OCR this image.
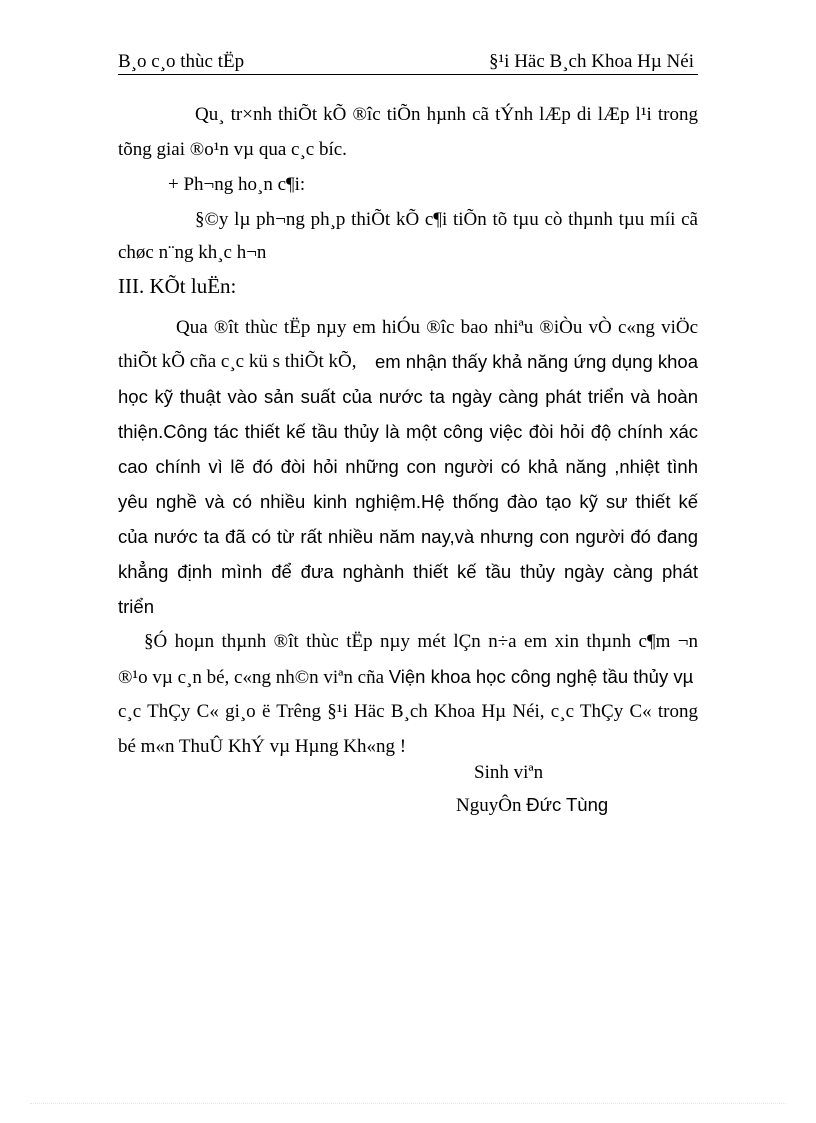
B¸o c¸o thùc tËp	§¹i Häc B¸ch Khoa Hµ Néi
Qu¸ tr×nh thiÕt kÕ ®îc tiÕn hµnh cã tÝnh lÆp di lÆp l¹i trong
tõng giai ®o¹n vµ qua c¸c bíc.
+ Ph¬ng ho¸n c¶i:
§©y lµ ph¬ng ph¸p thiÕt kÕ c¶i tiÕn tõ tµu cò thµnh tµu míi cã
chøc n¨ng kh¸c h¬n
III. KÕt luËn:
Qua ®ît thùc tËp nµy em hiÓu ®îc bao nhiªu ®iÒu vÒ c«ng viÖc
thiÕt kÕ cña c¸c kü s thiÕt kÕ, em nhận thấy khả năng ứng dụng khoa
học kỹ thuật vào sản suất của nước ta ngày càng phát triển và hoàn
thiện.Công tác thiết kế tầu thủy là một công việc đòi hỏi độ chính xác
cao chính vì lẽ đó đòi hỏi những con người có khả năng ,nhiệt tình
yêu nghề và có nhiều kinh nghiệm.Hệ thống đào tạo kỹ sư thiết kế
của nước ta đã có từ rất nhiều năm nay,và nhưng con người đó đang
khẳng định mình để đưa nghành thiết kế tầu thủy ngày càng phát
triển
§Ó hoµn thµnh ®ît thùc tËp nµy mét lÇn n÷a em xin thµnh c¶m ¬n
®¹o vµ c¸n bé, c«ng nh©n viªn cña Viện khoa học công nghệ tầu thủy vµ
c¸c ThÇy C« gi¸o ë Trêng §¹i Häc B¸ch Khoa Hµ Néi, c¸c ThÇy C« trong
bé m«n ThuÛ KhÝ vµ Hµng Kh«ng !
Sinh viªn
NguyÔn Đức Tùng
